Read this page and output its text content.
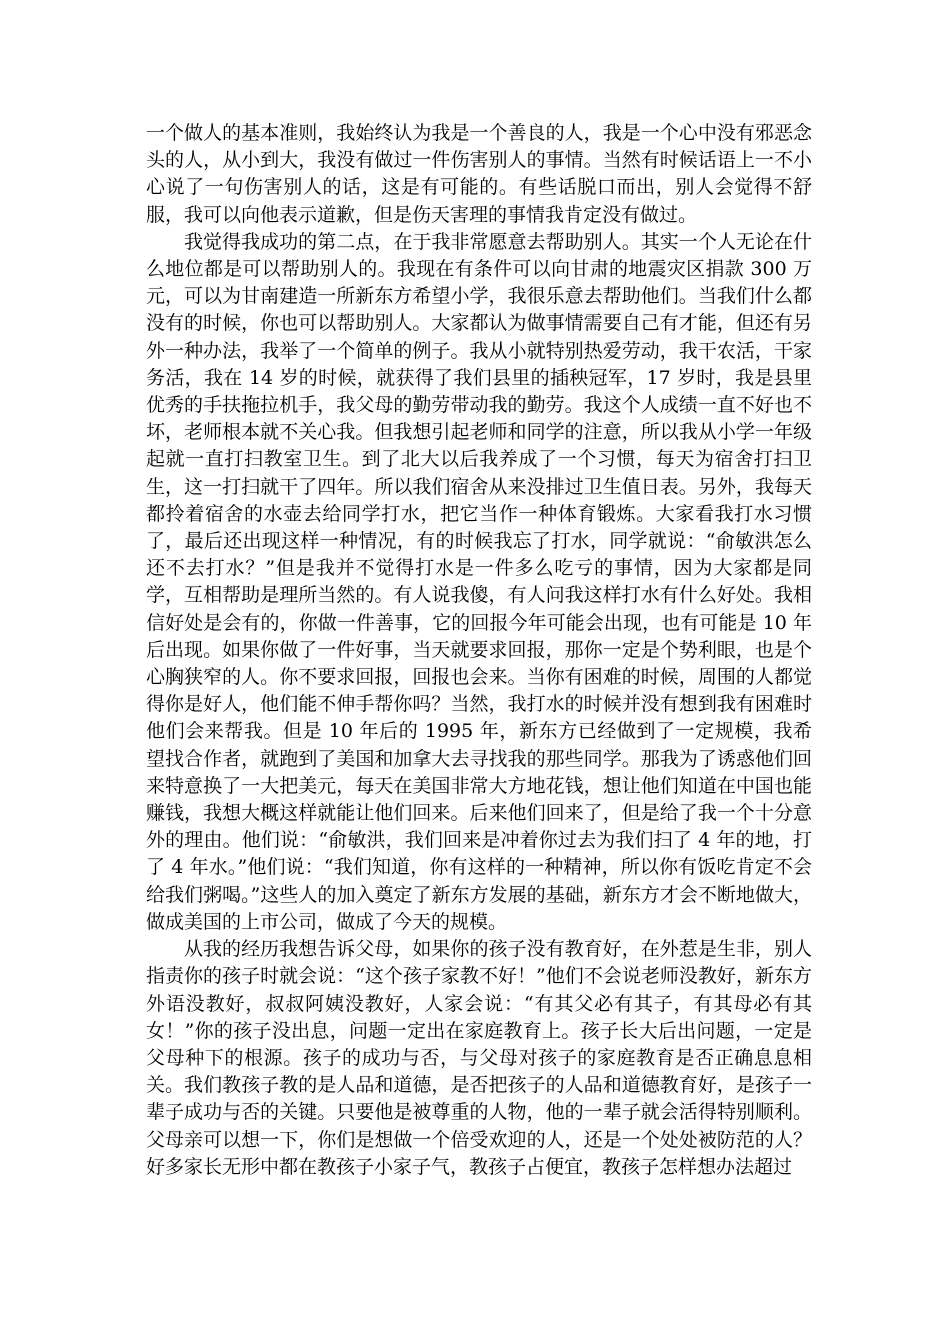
一个做人的基本准则，我始终认为我是一个善良的人，我是一个心中没有邪恶念头的人，从小到大，我没有做过一件伤害别人的事情。当然有时候话语上一不小心说了一句伤害别人的话，这是有可能的。有些话脱口而出，别人会觉得不舒服，我可以向他表示道歉，但是伤天害理的事情我肯定没有做过。

我觉得我成功的第二点，在于我非常愿意去帮助别人。其实一个人无论在什么地位都是可以帮助别人的。我现在有条件可以向甘肃的地震灾区捐款 300 万元，可以为甘南建造一所新东方希望小学，我很乐意去帮助他们。当我们什么都没有的时候，你也可以帮助别人。大家都认为做事情需要自己有才能，但还有另外一种办法，我举了一个简单的例子。我从小就特别热爱劳动，我干农活，干家务活，我在 14 岁的时候，就获得了我们县里的插秧冠军，17 岁时，我是县里优秀的手扶拖拉机手，我父母的勤劳带动我的勤劳。我这个人成绩一直不好也不坏，老师根本就不关心我。但我想引起老师和同学的注意，所以我从小学一年级起就一直打扫教室卫生。到了北大以后我养成了一个习惯，每天为宿舍打扫卫生，这一打扫就干了四年。所以我们宿舍从来没排过卫生值日表。另外，我每天都拎着宿舍的水壶去给同学打水，把它当作一种体育锻炼。大家看我打水习惯了，最后还出现这样一种情况，有的时候我忘了打水，同学就说：“俞敏洪怎么还不去打水？”但是我并不觉得打水是一件多么吃亏的事情，因为大家都是同学，互相帮助是理所当然的。有人说我傻，有人问我这样打水有什么好处。我相信好处是会有的，你做一件善事，它的回报今年可能会出现，也有可能是 10 年后出现。如果你做了一件好事，当天就要求回报，那你一定是个势利眼，也是个心胸狭窄的人。你不要求回报，回报也会来。当你有困难的时候，周围的人都觉得你是好人，他们能不伸手帮你吗？当然，我打水的时候并没有想到我有困难时他们会来帮我。但是 10 年后的 1995 年，新东方已经做到了一定规模，我希望找合作者，就跑到了美国和加拿大去寻找我的那些同学。那我为了诱惑他们回来特意换了一大把美元，每天在美国非常大方地花钱，想让他们知道在中国也能赚钱，我想大概这样就能让他们回来。后来他们回来了，但是给了我一个十分意外的理由。他们说：“俞敏洪，我们回来是冲着你过去为我们扫了 4 年的地，打了 4 年水。”他们说：“我们知道，你有这样的一种精神，所以你有饭吃肯定不会给我们粥喝。”这些人的加入奠定了新东方发展的基础，新东方才会不断地做大，做成美国的上市公司，做成了今天的规模。

从我的经历我想告诉父母，如果你的孩子没有教育好，在外惹是生非，别人指责你的孩子时就会说：“这个孩子家教不好！”他们不会说老师没教好，新东方外语没教好，叔叔阿姨没教好，人家会说：“有其父必有其子，有其母必有其女！”你的孩子没出息，问题一定出在家庭教育上。孩子长大后出问题，一定是父母种下的根源。孩子的成功与否，与父母对孩子的家庭教育是否正确息息相关。我们教孩子教的是人品和道德，是否把孩子的人品和道德教育好，是孩子一辈子成功与否的关键。只要他是被尊重的人物，他的一辈子就会活得特别顺利。父母亲可以想一下，你们是想做一个倍受欢迎的人，还是一个处处被防范的人？好多家长无形中都在教孩子小家子气，教孩子占便宜，教孩子怎样想办法超过
